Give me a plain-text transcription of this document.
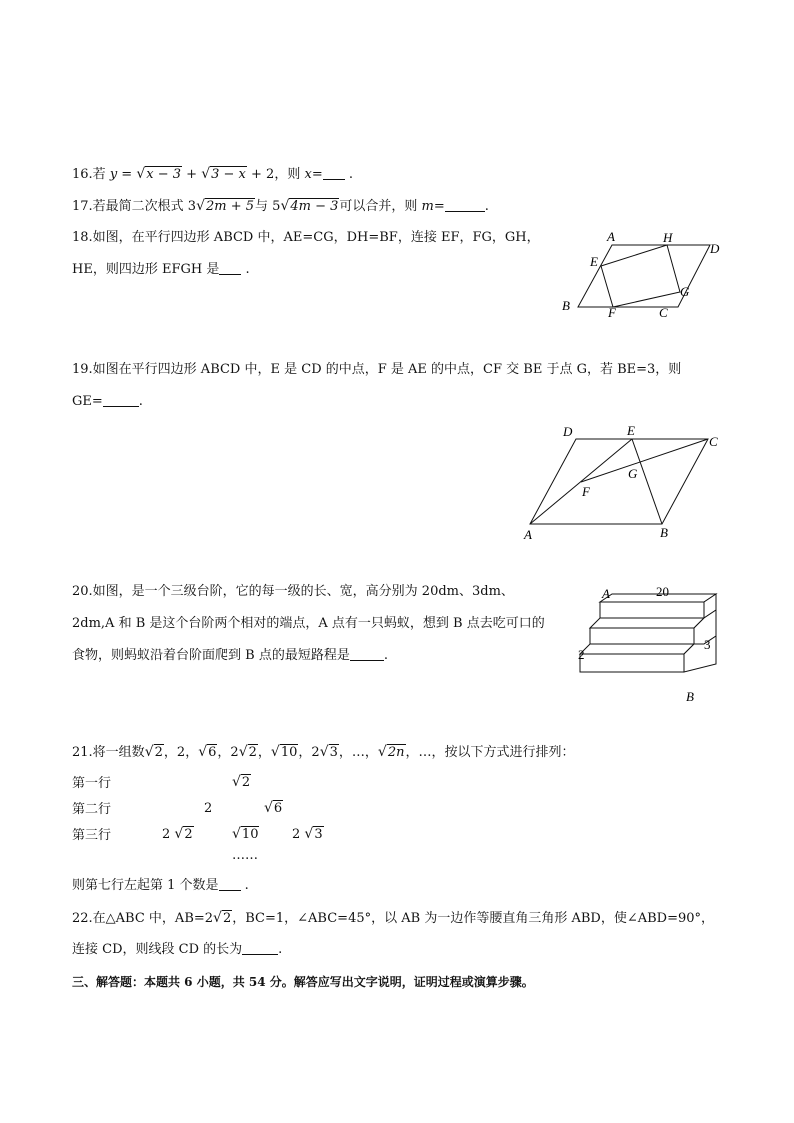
16.若 y = √x − 3 + √3 − x + 2，则 x= .
17.若最简二次根式 3√2m + 5与 5√4m − 3可以合并，则 m=	.
18.如图，在平行四边形 ABCD 中，AE=CG，DH=BF，连接 EF，FG，GH，
HE，则四边形 EFGH 是 .
A	H
D
E
G
B	F	C
19.如图在平行四边形 ABCD 中，E 是 CD 的中点，F 是 AE 的中点，CF 交 BE 于点 G，若 BE=3，则
GE=	.
D	E
C
G
F
A	B
20.如图，是一个三级台阶，它的每一级的长、宽，高分别为 20dm、3dm、
2dm,A 和 B 是这个台阶两个相对的端点，A 点有一只蚂蚁，想到 B 点去吃可口的
食物，则蚂蚁沿着台阶面爬到 B 点的最短路程是	.
A	20
3
2
B
21.将一组数√2，2，√6，2√2，√10，2√3，…，√2n，…，按以下方式进行排列：
第一行	√2
第二行	2	√6
第三行	2 √2	√10	2 √3
……
则第七行左起第 1 个数是 .
22.在△ABC 中，AB=2√2，BC=1，∠ABC=45°，以 AB 为一边作等腰直角三角形 ABD，使∠ABD=90°，
连接 CD，则线段 CD 的长为	.
三、解答题：本题共 6 小题，共 54 分。解答应写出文字说明，证明过程或演算步骤。
